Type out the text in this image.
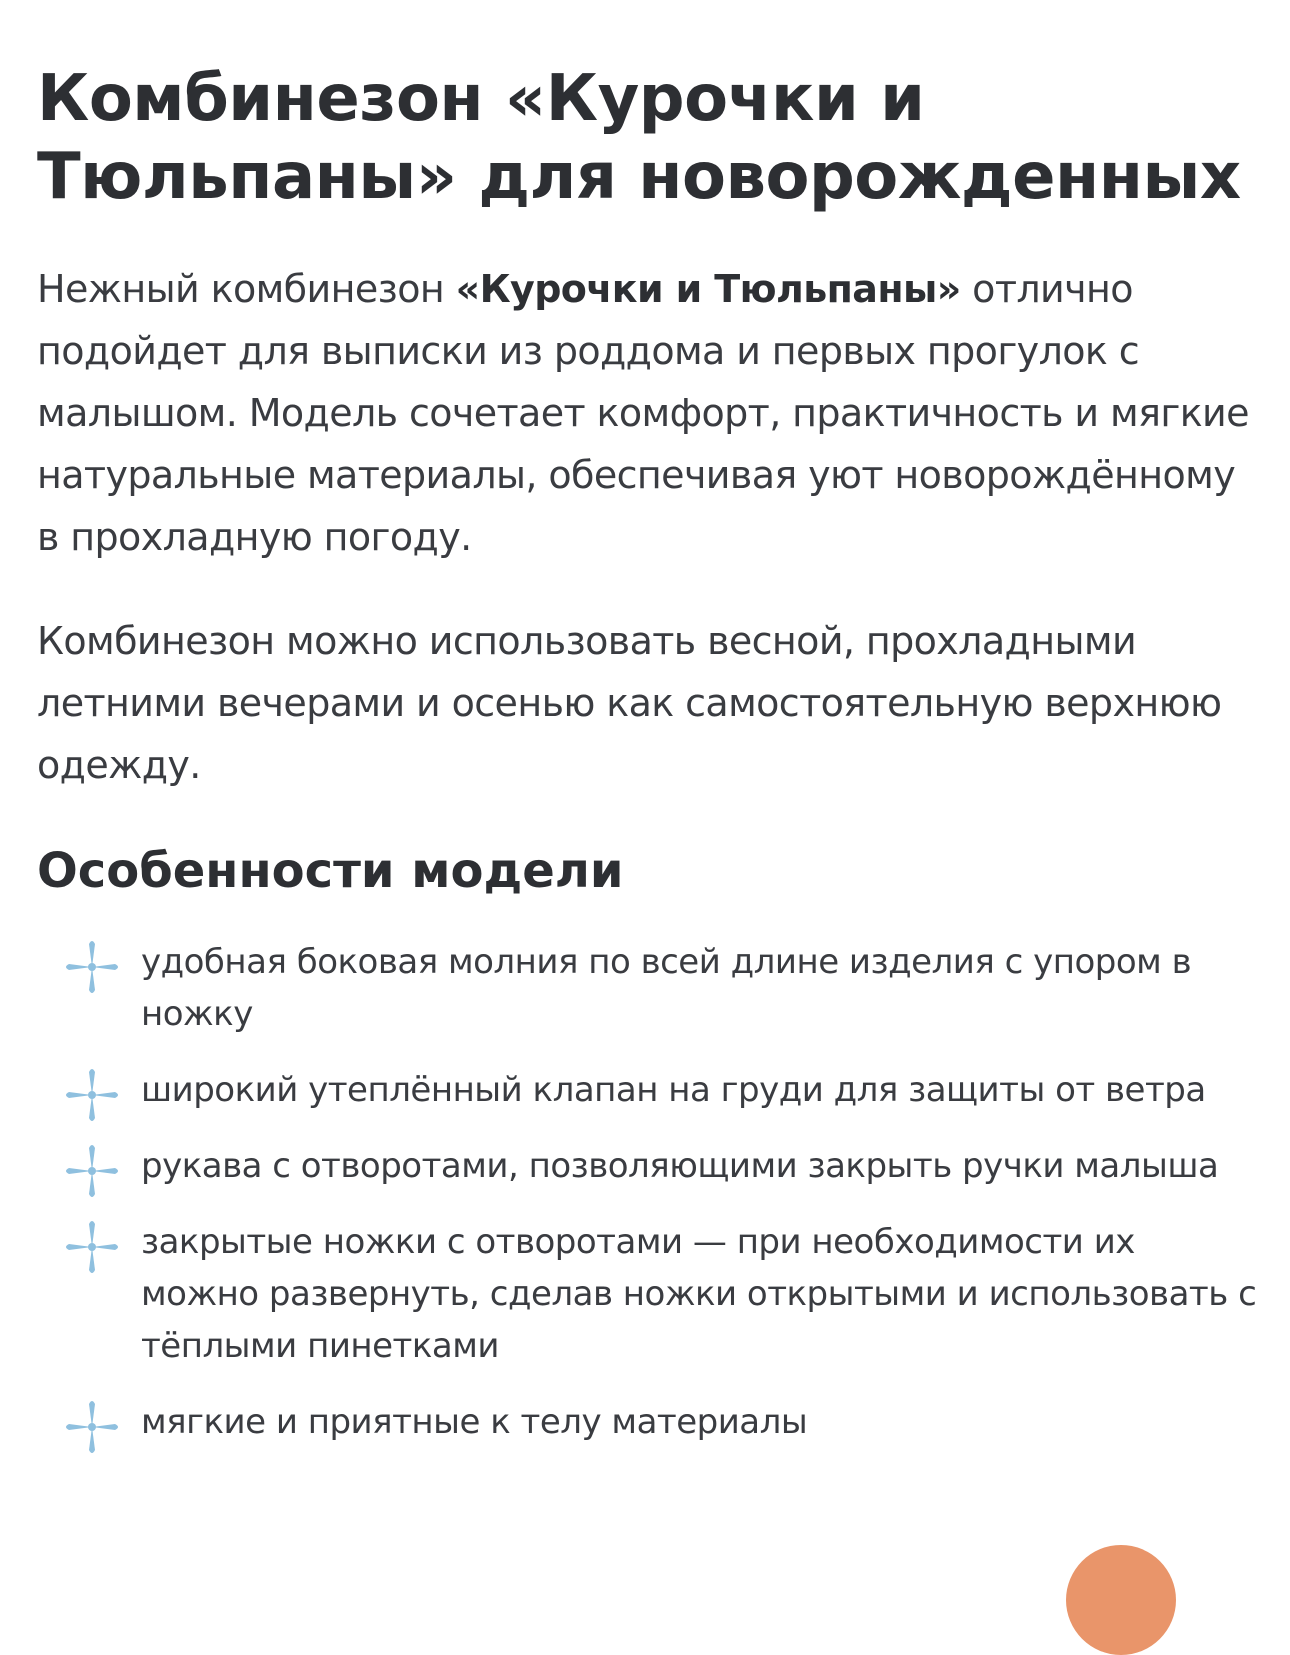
Комбинезон «Курочки и Тюльпаны» для новорожденных

Нежный комбинезон «Курочки и Тюльпаны» отлично подойдет для выписки из роддома и первых прогулок с малышом. Модель сочетает комфорт, практичность и мягкие натуральные материалы, обеспечивая уют новорождённому в прохладную погоду.

Комбинезон можно использовать весной, прохладными летними вечерами и осенью как самостоятельную верхнюю одежду.

Особенности модели
удобная боковая молния по всей длине изделия с упором в ножку
широкий утеплённый клапан на груди для защиты от ветра
рукава с отворотами, позволяющими закрыть ручки малыша
закрытые ножки с отворотами — при необходимости их можно развернуть, сделав ножки открытыми и использовать с тёплыми пинетками
мягкие и приятные к телу материалы
